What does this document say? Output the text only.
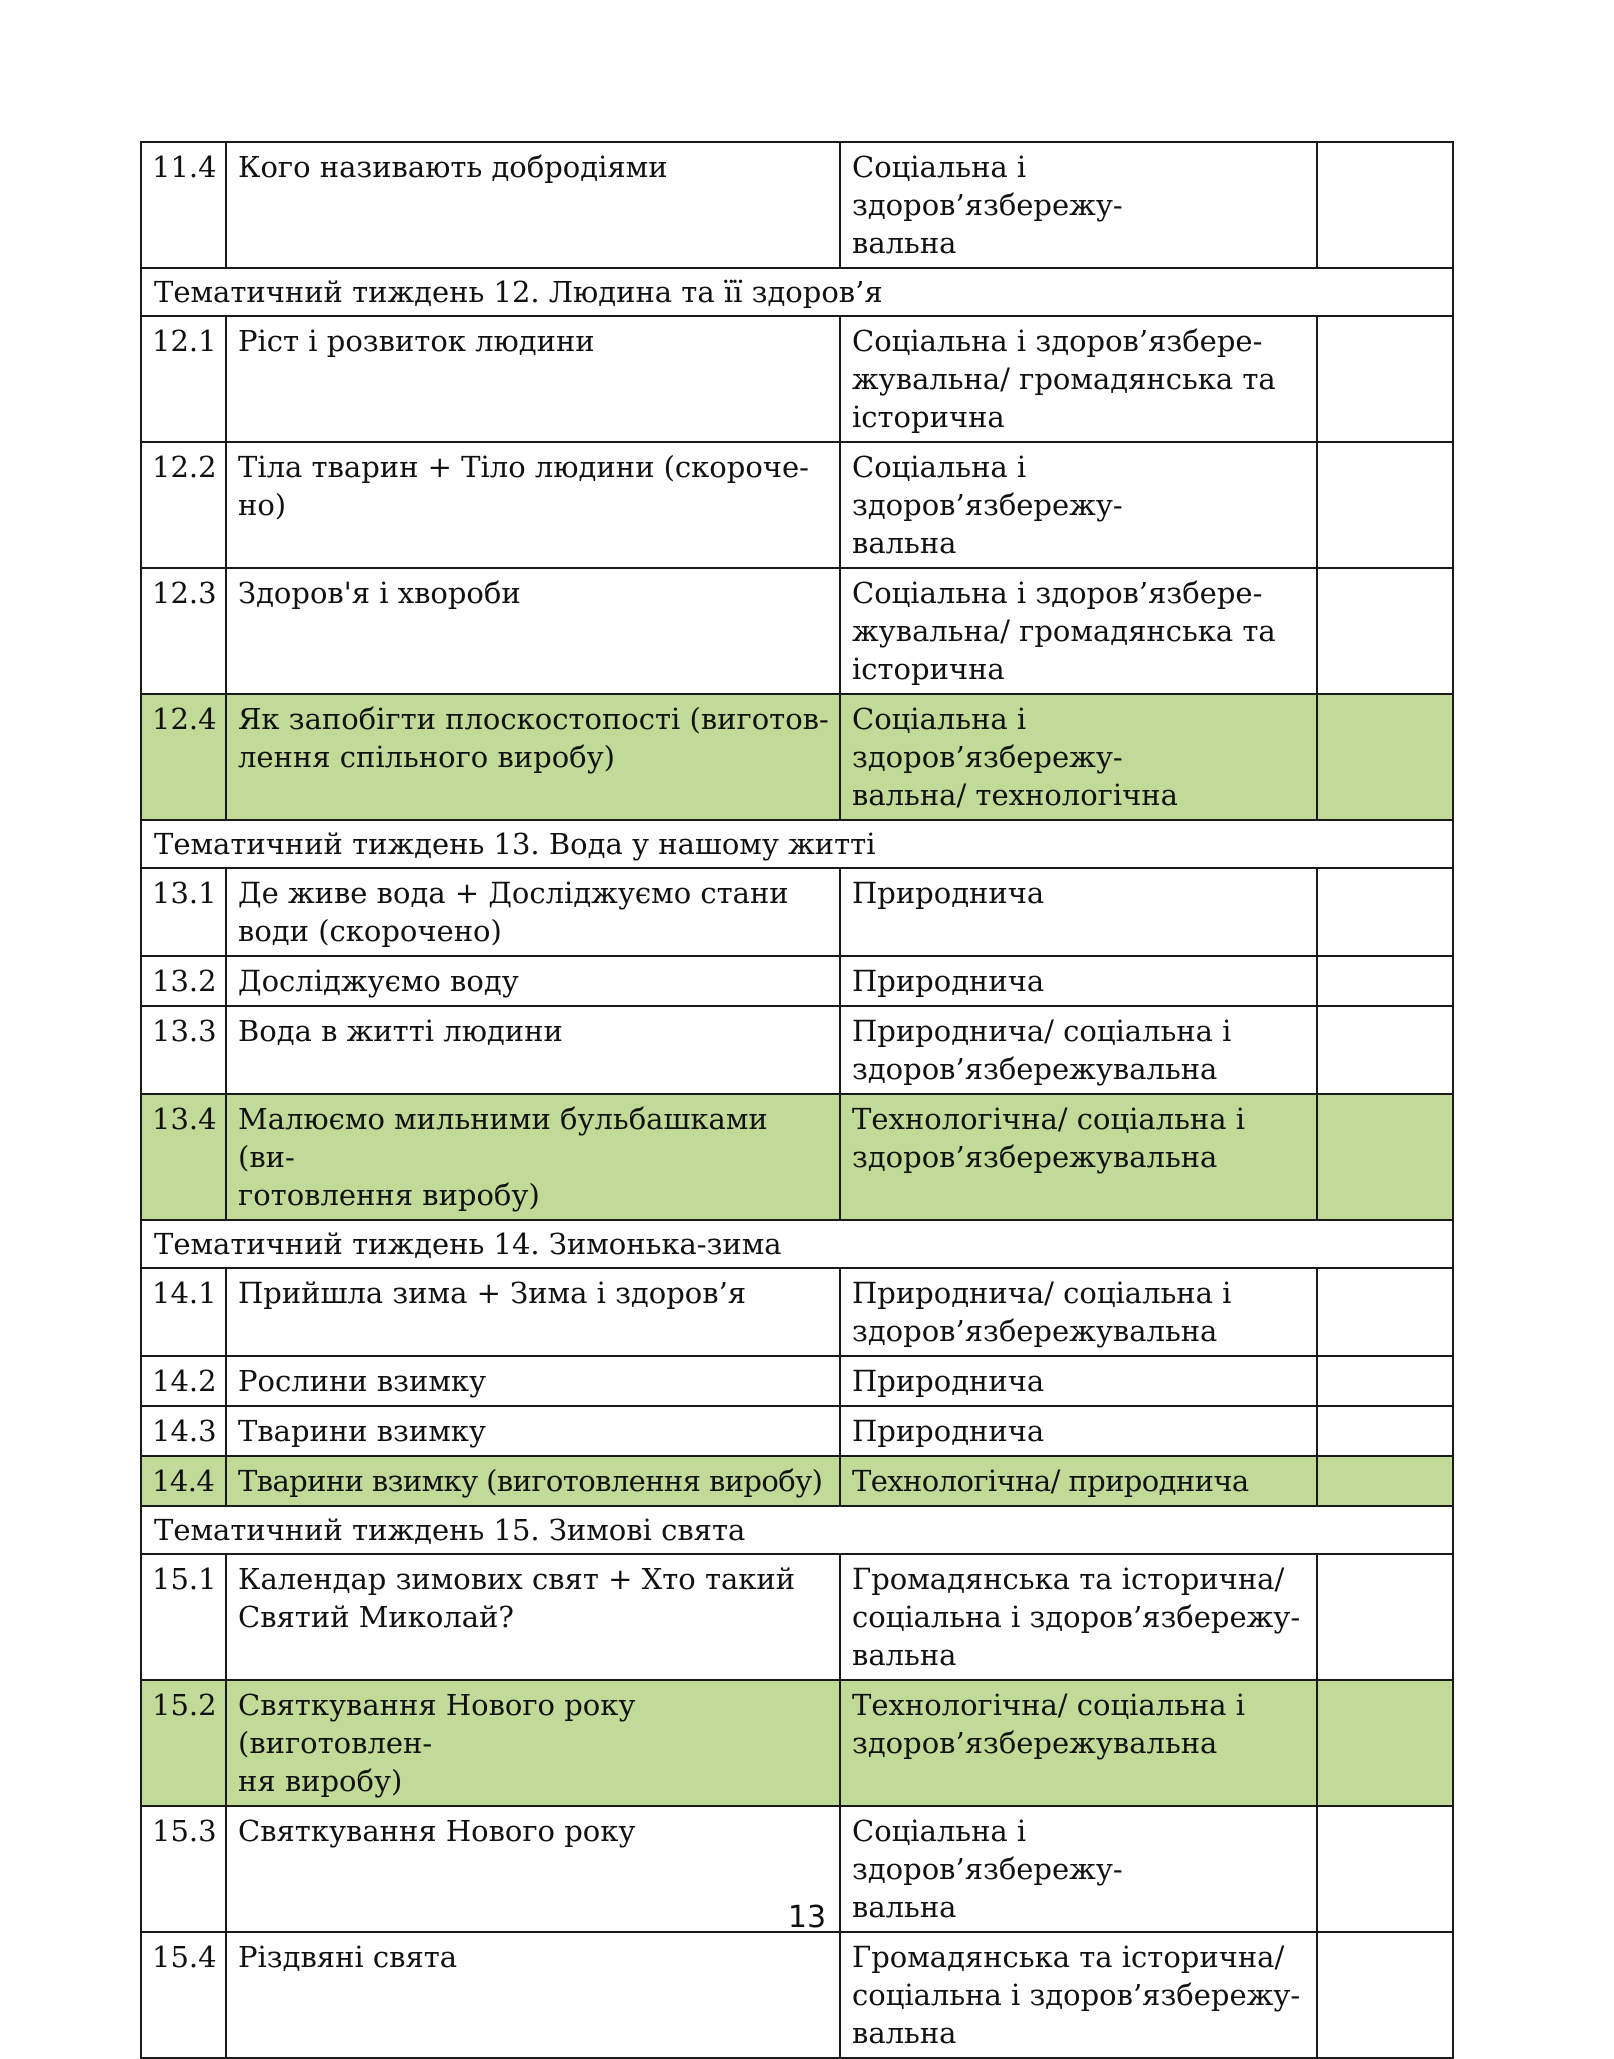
11.4	Кого називають добродіями	Соціальна і здоров’язбережу-
вальна	
Тематичний тиждень 12. Людина та її здоров’я			
12.1	Ріст і розвиток людини	Соціальна і здоров’язбере-
жувальна/ громадянська та
історична	
12.2	Тіла тварин + Тіло людини (скороче-
но)	Соціальна і здоров’язбережу-
вальна	
12.3	Здоров'я і хвороби	Соціальна і здоров’язбере-
жувальна/ громадянська та
історична	
12.4	Як запобігти плоскостопості (виготов-
лення спільного виробу)	Соціальна і здоров’язбережу-
вальна/ технологічна	
Тематичний тиждень 13. Вода у нашому житті			
13.1	Де живе вода + Досліджуємо стани
води (скорочено)	Природнича	
13.2	Досліджуємо воду	Природнича	
13.3	Вода в житті людини	Природнича/ соціальна і
здоров’язбережувальна	
13.4	Малюємо мильними бульбашками (ви-
готовлення виробу)	Технологічна/ соціальна і
здоров’язбережувальна	
Тематичний тиждень 14. Зимонька-зима			
14.1	Прийшла зима + Зима і здоров’я	Природнича/ соціальна і
здоров’язбережувальна	
14.2	Рослини взимку	Природнича	
14.3	Тварини взимку	Природнича	
14.4	Тварини взимку (виготовлення виробу)	Технологічна/ природнича	
Тематичний тиждень 15. Зимові свята			
15.1	Календар зимових свят + Хто такий
Святий Миколай?	Громадянська та історична/
соціальна і здоров’язбережу-
вальна	
15.2	Святкування Нового року (виготовлен-
ня виробу)	Технологічна/ соціальна і
здоров’язбережувальна	
15.3	Святкування Нового року	Соціальна і здоров’язбережу-
вальна	
15.4	Різдвяні свята	Громадянська та історична/
соціальна і здоров’язбережу-
вальна	
13
